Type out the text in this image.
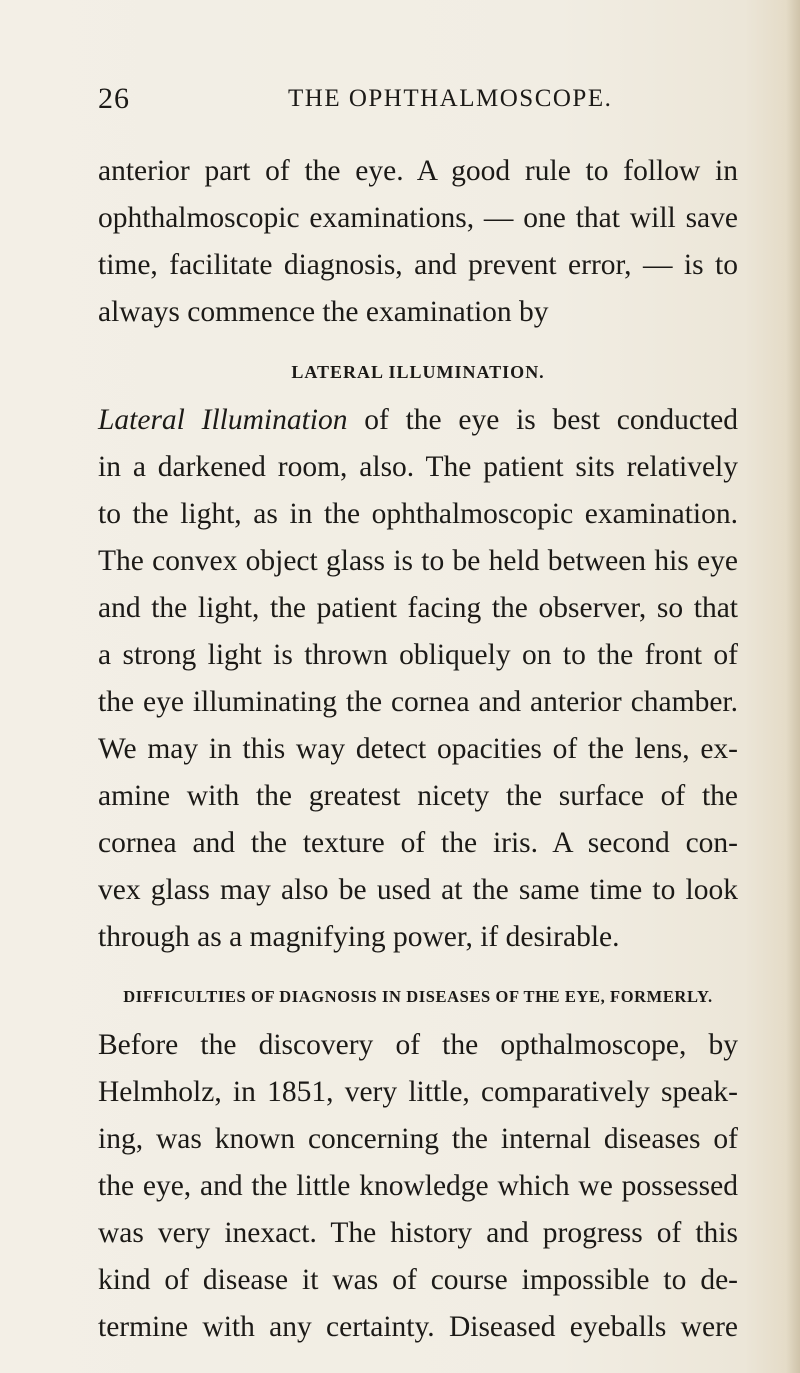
26	THE OPHTHALMOSCOPE.
anterior part of the eye. A good rule to follow in
ophthalmoscopic examinations, — one that will save
time, facilitate diagnosis, and prevent error, — is to
always commence the examination by
LATERAL ILLUMINATION.
Lateral Illumination of the eye is best conducted
in a darkened room, also. The patient sits relatively
to the light, as in the ophthalmoscopic examination.
The convex object glass is to be held between his eye
and the light, the patient facing the observer, so that
a strong light is thrown obliquely on to the front of
the eye illuminating the cornea and anterior chamber.
We may in this way detect opacities of the lens, ex-
amine with the greatest nicety the surface of the
cornea and the texture of the iris. A second con-
vex glass may also be used at the same time to look
through as a magnifying power, if desirable.
DIFFICULTIES OF DIAGNOSIS IN DISEASES OF THE EYE, FORMERLY.
Before the discovery of the opthalmoscope, by
Helmholz, in 1851, very little, comparatively speak-
ing, was known concerning the internal diseases of
the eye, and the little knowledge which we possessed
was very inexact. The history and progress of this
kind of disease it was of course impossible to de-
termine with any certainty. Diseased eyeballs were
